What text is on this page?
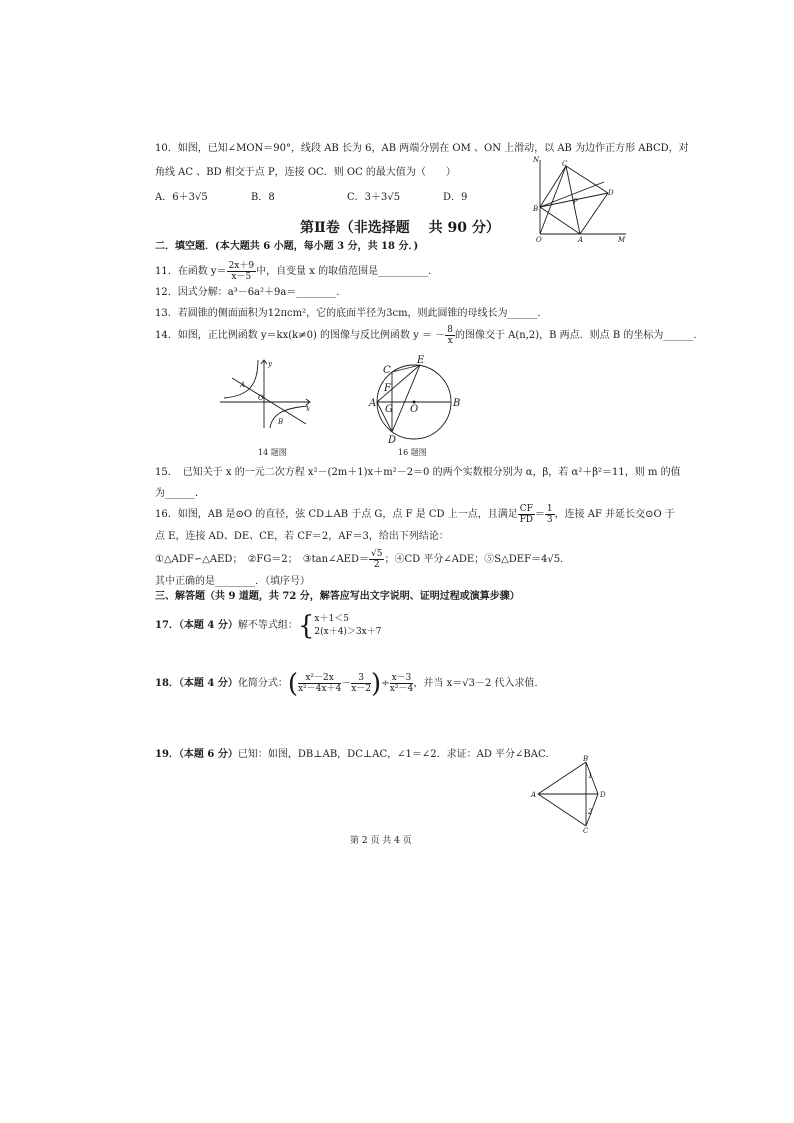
10．如图，已知∠MON＝90°，线段 AB 长为 6，AB 两端分别在 OM 、ON 上滑动，以 AB 为边作正方形 ABCD，对
角线 AC 、BD 相交于点 P，连接 OC．则 OC 的最大值为（　　）
A．6＋3√5	B．8	C．3＋3√5	D．9
N	C
D
P
B
O	A	M
第Ⅱ卷（非选择题　 共 90 分）
二．填空题．(本大题共 6 小题，每小题 3 分，共 18 分．)
11．在函数 $y= \frac{2x+9}{x-5}$ 中，自变量 x 的取值范围是__________．
12．因式分解：a³－6a²＋9a＝________．
13．若圆锥的侧面面积为12πcm²，它的底面半径为3cm，则此圆锥的母线长为______．
14．如图，正比例函数 y＝kx(k≠0) 的图像与反比例函数 y ＝ － $\frac{8}{x}$ 的图像交于 A(n,2)，B 两点．则点 B 的坐标为______．
y
A
O
x
B
14 题图
E
C
F
A
G O
B
D
16 题图
15．　已知关于 x 的一元二次方程 x²－(2m＋1)x＋m²－2＝0 的两个实数根分别为 α，β，若 α²＋β²＝11，则 m 的值
为______．
16．如图，AB 是⊙O 的直径，弦 CD⊥AB 于点 G，点 F 是 CD 上一点，且满足 $\frac{CF}{FD} = \frac{1}{3}$ ，连接 AF 并延长交⊙O 于
点 E，连接 AD、DE、CE，若 CF＝2，AF＝3，给出下列结论：
①△ADF∽△AED；　②FG＝2；　③tan∠AED＝ $\frac{√5}{2}$ ；④CD 平分∠ADE；⑤S△DEF＝4√5．
其中正确的是________．（填序号）
三、解答题（共 9 道题，共 72 分，解答应写出文字说明、证明过程或演算步骤）
17．（本题 4 分）解不等式组：{ x＋1＜5
2(x＋4)＞3x＋7
18．（本题 4 分）化简分式：( $\frac{\text{x²－2x}}{\text{x²－4x＋4}} - \frac{3}{x-2}$ )÷ $\frac{x-3}{\text{x²－4}}$ ，并当 x＝√3－2 代入求值．
19．（本题 6 分）已知：如图，DB⊥AB，DC⊥AC，∠1＝∠2．求证：AD 平分∠BAC．	B
A	D
C
1
2
第 2 页 共 4 页
